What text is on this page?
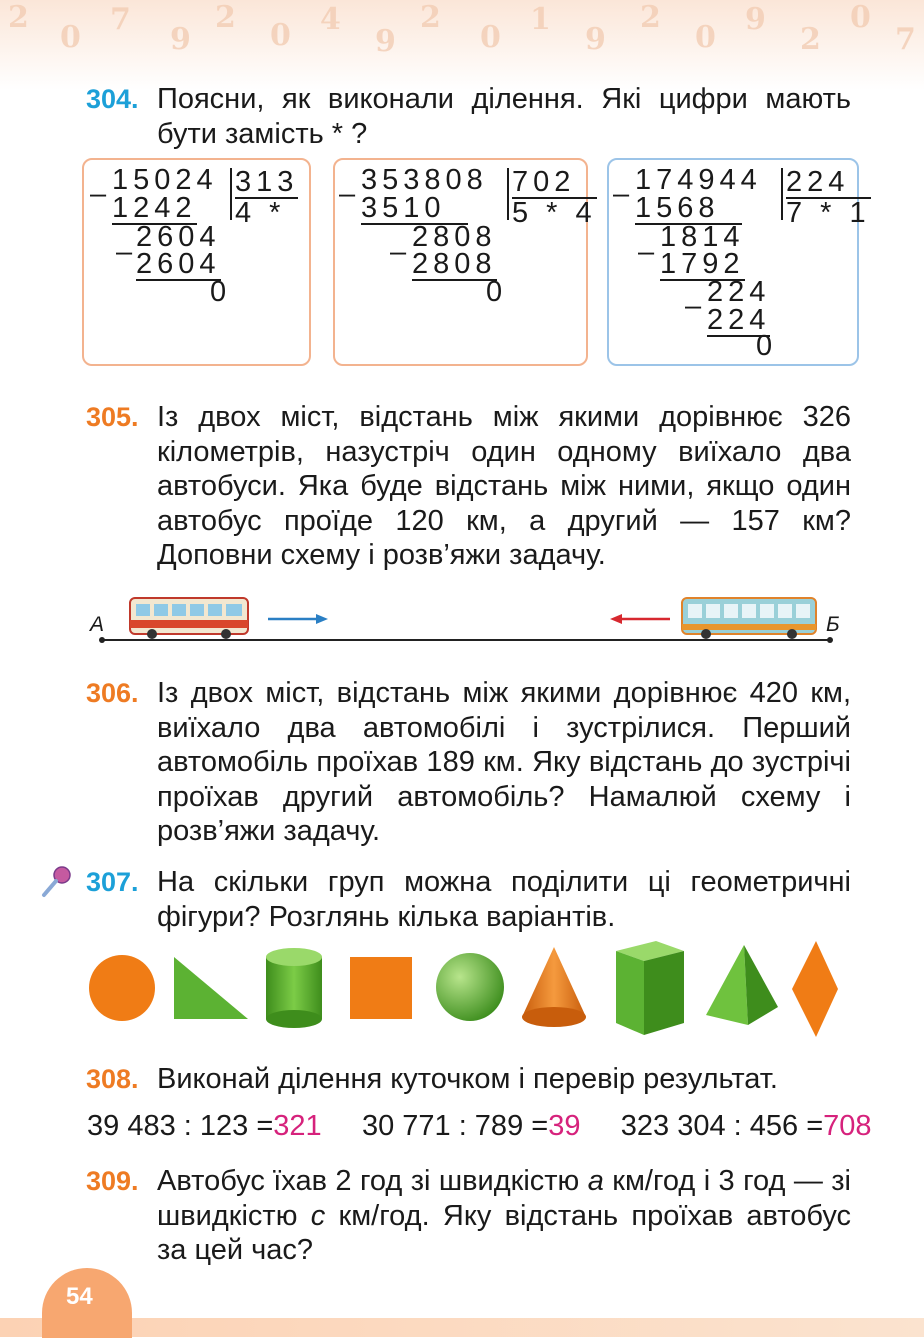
2
0
7
9
2
0 4
9
2
0
1
9
2
0
9
2
0
7
304. Поясни, як виконали ділення. Які цифри мають бути замість * ?
– 15024 313
4 *
1242
2604
–
2604
0
– 353808 702
5 * 4
3510
2808
– 2808
0
– 174944 224
7 * 1
1568
1814
– 1792
224
– 224
0
305. Із двох міст, відстань між якими дорівнює 326 кілометрів, назустріч один одному виїхало два автобуси. Яка буде відстань між ними, якщо один автобус проїде 120 км, а другий — 157 км? Доповни схему і розв’яжи задачу.
А	Б
306. Із двох міст, відстань між якими дорівнює 420 км, виїхало два автомобілі і зустрілися. Перший автомобіль проїхав 189 км. Яку відстань до зустрічі проїхав другий автомобіль? Намалюй схему і розв’яжи задачу.
307. На скільки груп можна поділити ці геометричні фігури? Розглянь кілька варіантів.
308. Виконай ділення куточком і перевір результат.
39 483 : 123 =321 30 771 : 789 =39 323 304 : 456 =708
309. Автобус їхав 2 год зі швидкістю a км/год і 3 год — зі швидкістю c км/год. Яку відстань проїхав автобус за цей час?
54
